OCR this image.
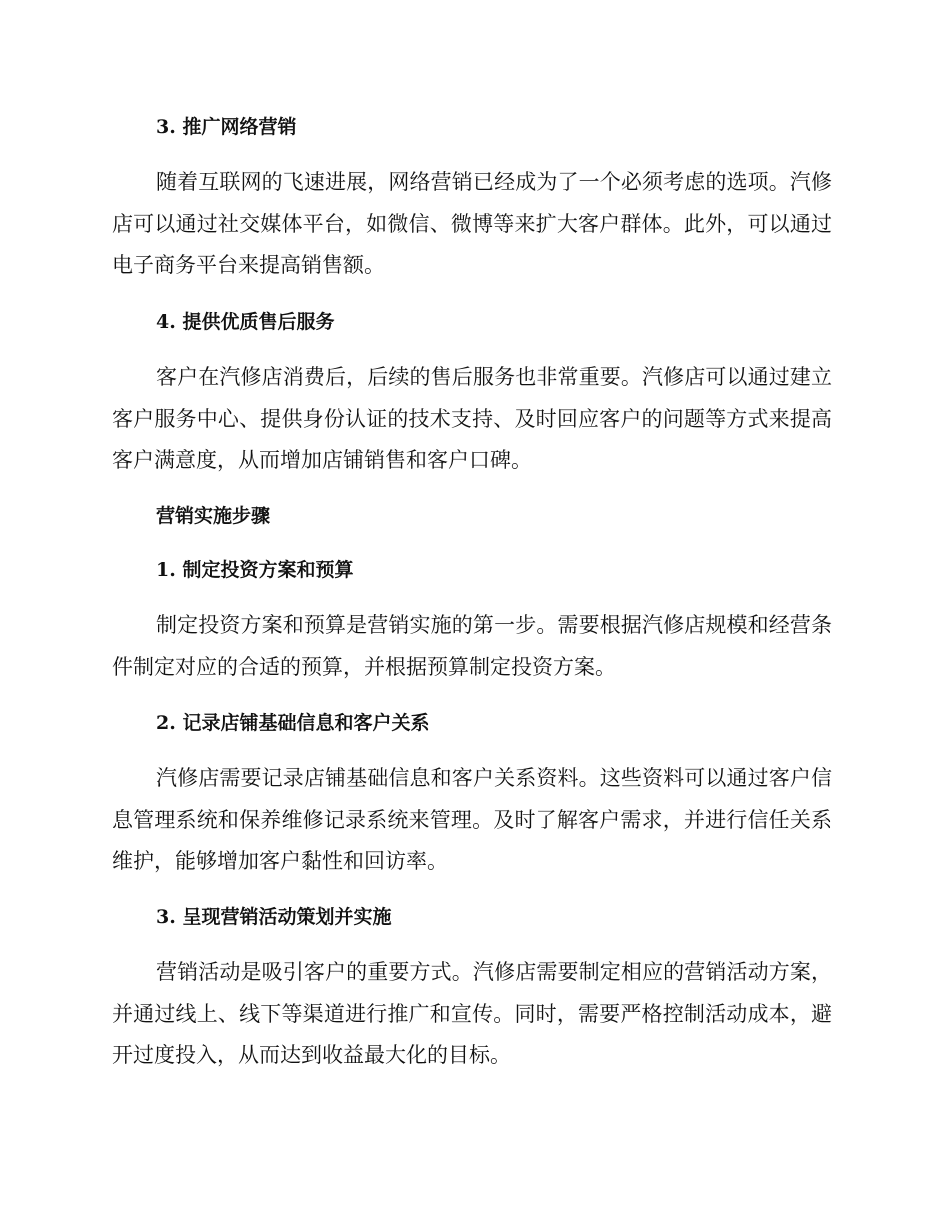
3. 推广网络营销

随着互联网的飞速进展，网络营销已经成为了一个必须考虑的选项。汽修店可以通过社交媒体平台，如微信、微博等来扩大客户群体。此外，可以通过电子商务平台来提高销售额。

4. 提供优质售后服务

客户在汽修店消费后，后续的售后服务也非常重要。汽修店可以通过建立客户服务中心、提供身份认证的技术支持、及时回应客户的问题等方式来提高客户满意度，从而增加店铺销售和客户口碑。

营销实施步骤
1. 制定投资方案和预算

制定投资方案和预算是营销实施的第一步。需要根据汽修店规模和经营条件制定对应的合适的预算，并根据预算制定投资方案。

2. 记录店铺基础信息和客户关系

汽修店需要记录店铺基础信息和客户关系资料。这些资料可以通过客户信息管理系统和保养维修记录系统来管理。及时了解客户需求，并进行信任关系维护，能够增加客户黏性和回访率。

3. 呈现营销活动策划并实施

营销活动是吸引客户的重要方式。汽修店需要制定相应的营销活动方案，并通过线上、线下等渠道进行推广和宣传。同时，需要严格控制活动成本，避开过度投入，从而达到收益最大化的目标。
